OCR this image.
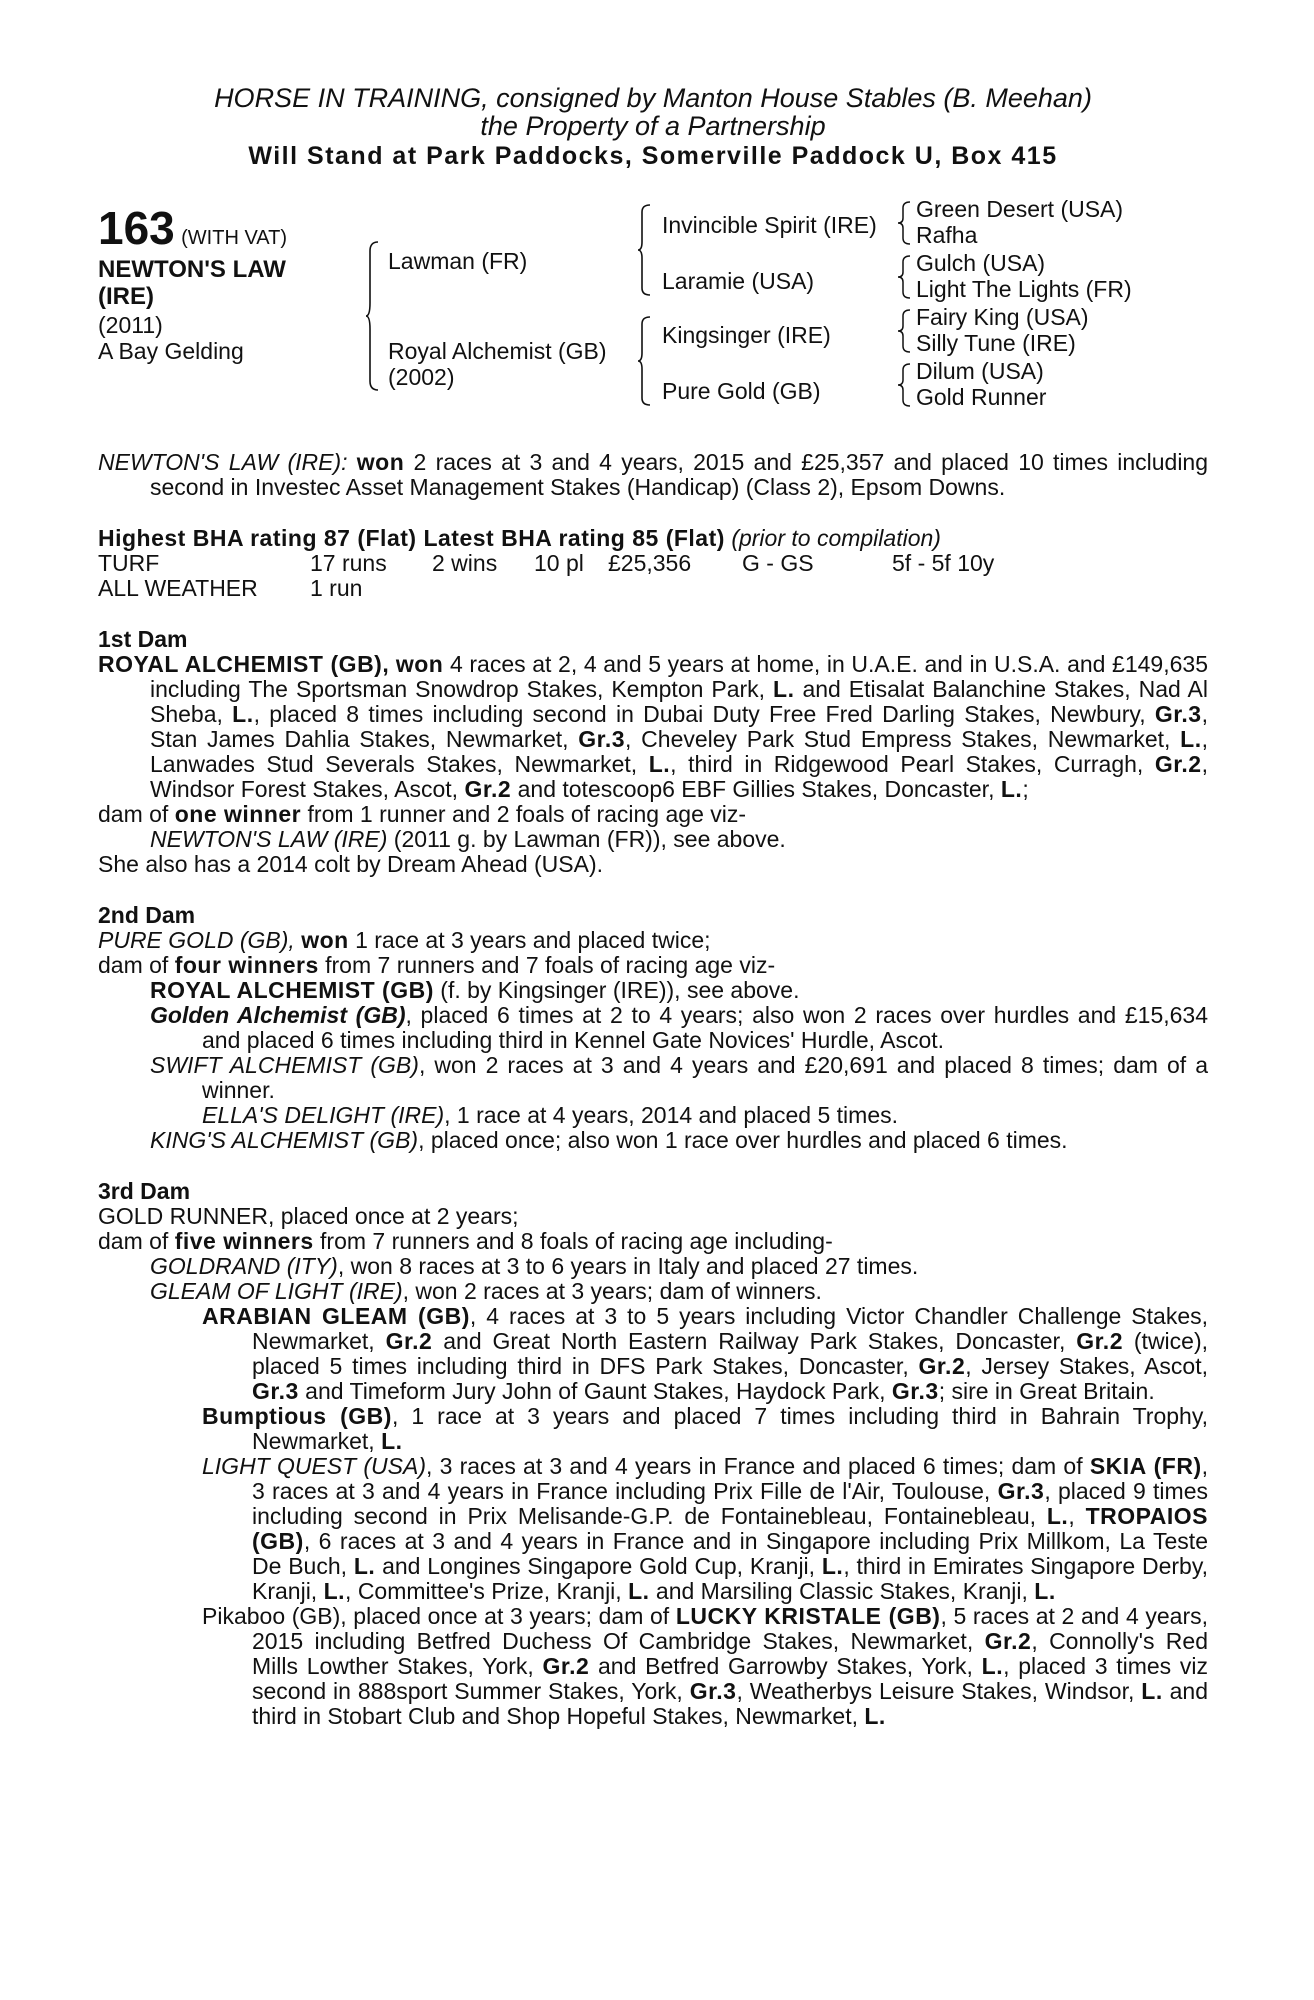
HORSE IN TRAINING, consigned by Manton House Stables (B. Meehan)
the Property of a Partnership
Will Stand at Park Paddocks, Somerville Paddock U, Box 415
163 (WITH VAT)
NEWTON'S LAW
(IRE)
(2011)
A Bay Gelding
Lawman (FR)
Royal Alchemist (GB)
(2002)
Invincible Spirit (IRE)
Laramie (USA)
Kingsinger (IRE)
Pure Gold (GB)
Green Desert (USA)
Rafha
Gulch (USA)
Light The Lights (FR)
Fairy King (USA)
Silly Tune (IRE)
Dilum (USA)
Gold Runner
NEWTON'S LAW (IRE): won 2 races at 3 and 4 years, 2015 and £25,357 and placed 10 times including second in Investec Asset Management Stakes (Handicap) (Class 2), Epsom Downs.
Highest BHA rating 87 (Flat) Latest BHA rating 85 (Flat) (prior to compilation)
TURF	17 runs 2 wins 10 pl £25,356 G - GS	5f - 5f 10y
ALL WEATHER 1 run
1st Dam
ROYAL ALCHEMIST (GB), won 4 races at 2, 4 and 5 years at home, in U.A.E. and in U.S.A. and £149,635 including The Sportsman Snowdrop Stakes, Kempton Park, L. and Etisalat Balanchine Stakes, Nad Al Sheba, L., placed 8 times including second in Dubai Duty Free Fred Darling Stakes, Newbury, Gr.3, Stan James Dahlia Stakes, Newmarket, Gr.3, Cheveley Park Stud Empress Stakes, Newmarket, L., Lanwades Stud Severals Stakes, Newmarket, L., third in Ridgewood Pearl Stakes, Curragh, Gr.2, Windsor Forest Stakes, Ascot, Gr.2 and totescoop6 EBF Gillies Stakes, Doncaster, L.;
dam of one winner from 1 runner and 2 foals of racing age viz-
NEWTON'S LAW (IRE) (2011 g. by Lawman (FR)), see above.
She also has a 2014 colt by Dream Ahead (USA).
2nd Dam
PURE GOLD (GB), won 1 race at 3 years and placed twice;
dam of four winners from 7 runners and 7 foals of racing age viz-
ROYAL ALCHEMIST (GB) (f. by Kingsinger (IRE)), see above.
Golden Alchemist (GB), placed 6 times at 2 to 4 years; also won 2 races over hurdles and £15,634 and placed 6 times including third in Kennel Gate Novices' Hurdle, Ascot.
SWIFT ALCHEMIST (GB), won 2 races at 3 and 4 years and £20,691 and placed 8 times; dam of a winner.
ELLA'S DELIGHT (IRE), 1 race at 4 years, 2014 and placed 5 times.
KING'S ALCHEMIST (GB), placed once; also won 1 race over hurdles and placed 6 times.
3rd Dam
GOLD RUNNER, placed once at 2 years;
dam of five winners from 7 runners and 8 foals of racing age including-
GOLDRAND (ITY), won 8 races at 3 to 6 years in Italy and placed 27 times.
GLEAM OF LIGHT (IRE), won 2 races at 3 years; dam of winners.
ARABIAN GLEAM (GB), 4 races at 3 to 5 years including Victor Chandler Challenge Stakes, Newmarket, Gr.2 and Great North Eastern Railway Park Stakes, Doncaster, Gr.2 (twice), placed 5 times including third in DFS Park Stakes, Doncaster, Gr.2, Jersey Stakes, Ascot, Gr.3 and Timeform Jury John of Gaunt Stakes, Haydock Park, Gr.3; sire in Great Britain.
Bumptious (GB), 1 race at 3 years and placed 7 times including third in Bahrain Trophy, Newmarket, L.
LIGHT QUEST (USA), 3 races at 3 and 4 years in France and placed 6 times; dam of SKIA (FR), 3 races at 3 and 4 years in France including Prix Fille de l'Air, Toulouse, Gr.3, placed 9 times including second in Prix Melisande-G.P. de Fontainebleau, Fontainebleau, L., TROPAIOS (GB), 6 races at 3 and 4 years in France and in Singapore including Prix Millkom, La Teste De Buch, L. and Longines Singapore Gold Cup, Kranji, L., third in Emirates Singapore Derby, Kranji, L., Committee's Prize, Kranji, L. and Marsiling Classic Stakes, Kranji, L.
Pikaboo (GB), placed once at 3 years; dam of LUCKY KRISTALE (GB), 5 races at 2 and 4 years, 2015 including Betfred Duchess Of Cambridge Stakes, Newmarket, Gr.2, Connolly's Red Mills Lowther Stakes, York, Gr.2 and Betfred Garrowby Stakes, York, L., placed 3 times viz second in 888sport Summer Stakes, York, Gr.3, Weatherbys Leisure Stakes, Windsor, L. and third in Stobart Club and Shop Hopeful Stakes, Newmarket, L.
